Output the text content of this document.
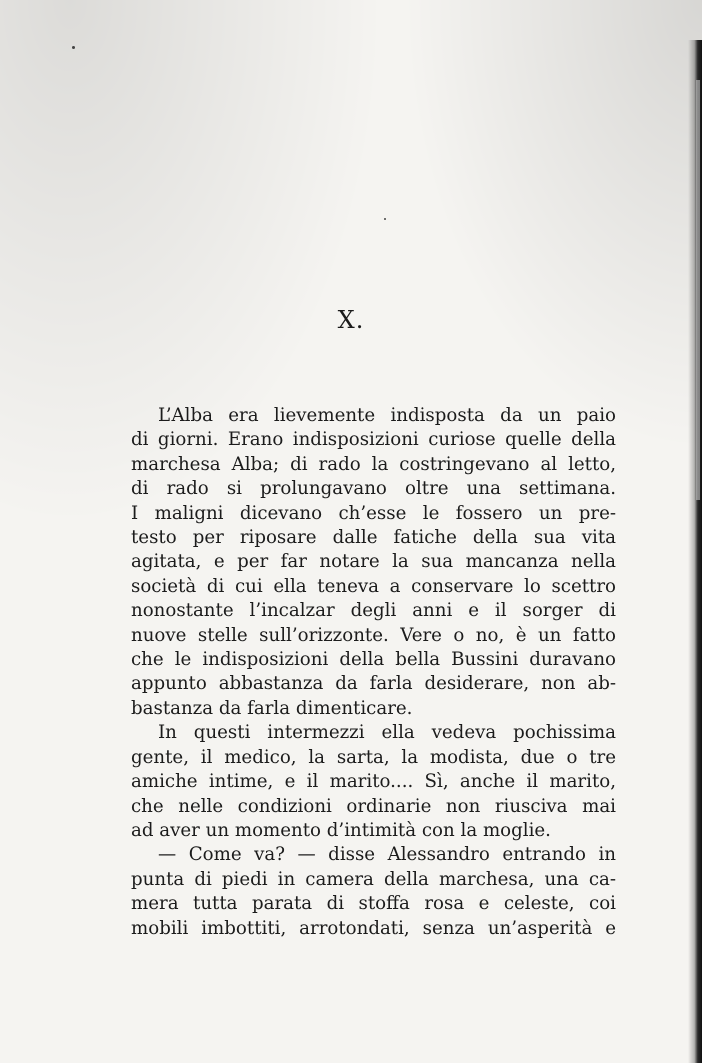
X.
L’Alba era lievemente indisposta da un paio
di giorni. Erano indisposizioni curiose quelle della
marchesa Alba; di rado la costringevano al letto,
di rado si prolungavano oltre una settimana.
I maligni dicevano ch’esse le fossero un pre-
testo per riposare dalle fatiche della sua vita
agitata, e per far notare la sua mancanza nella
società di cui ella teneva a conservare lo scettro
nonostante l’incalzar degli anni e il sorger di
nuove stelle sull’orizzonte. Vere o no, è un fatto
che le indisposizioni della bella Bussini duravano
appunto abbastanza da farla desiderare, non ab-
bastanza da farla dimenticare.
In questi intermezzi ella vedeva pochissima
gente, il medico, la sarta, la modista, due o tre
amiche intime, e il marito.... Sì, anche il marito,
che nelle condizioni ordinarie non riusciva mai
ad aver un momento d’intimità con la moglie.
— Come va? — disse Alessandro entrando in
punta di piedi in camera della marchesa, una ca-
mera tutta parata di stoffa rosa e celeste, coi
mobili imbottiti, arrotondati, senza un’asperità e
